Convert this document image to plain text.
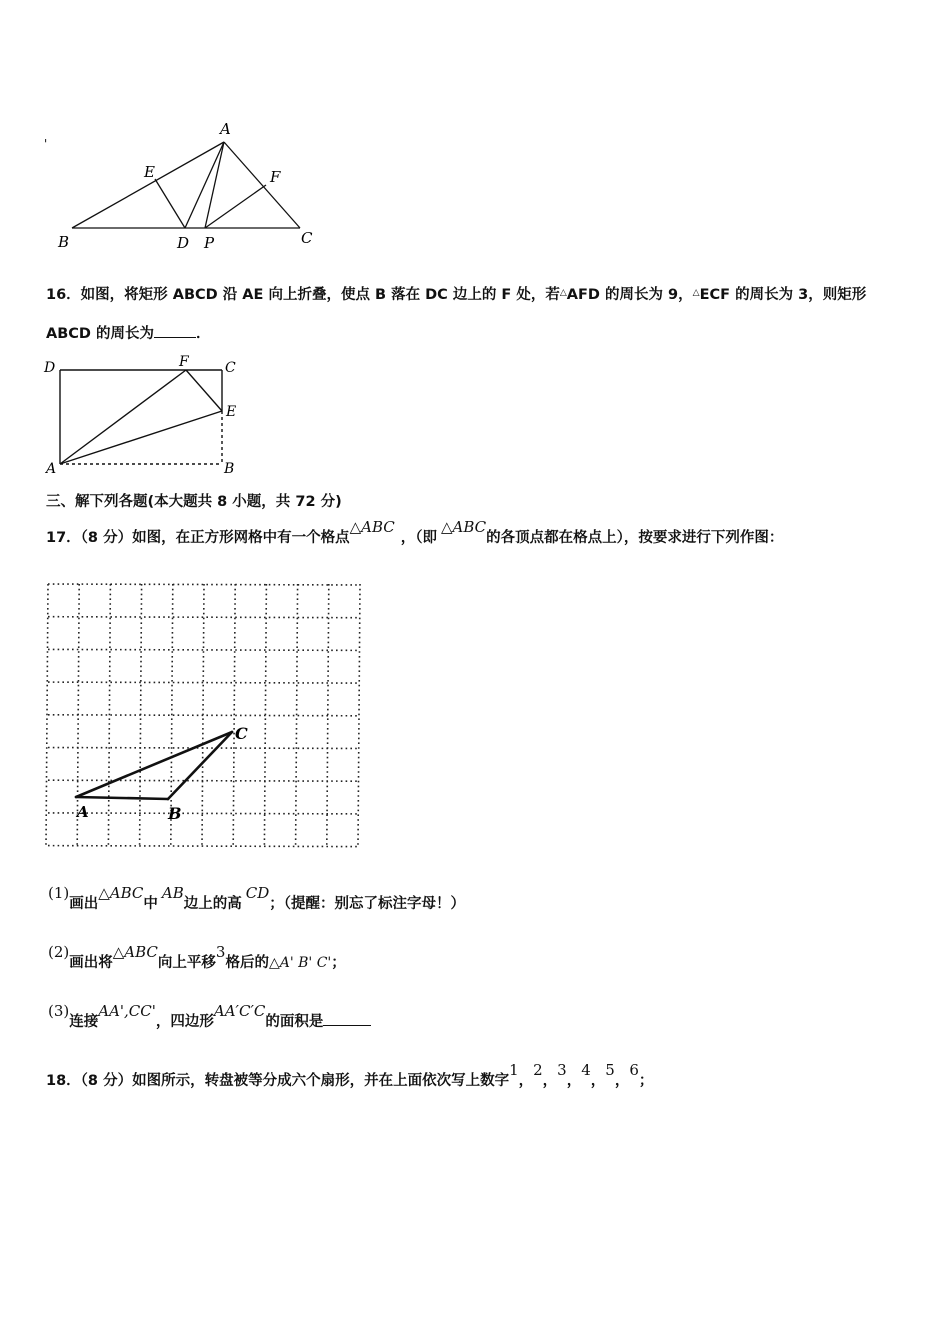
'
A
B	C
D
E	F
P
16．如图，将矩形 ABCD 沿 AE 向上折叠，使点 B 落在 DC 边上的 F 处，若△AFD 的周长为 9，△ECF 的周长为 3，则矩形
ABCD 的周长为	．
D	F	C
E
A	B
三、解下列各题(本大题共 8 小题，共 72 分)
17．（8 分）如图，在正方形网格中有一个格点△ABC，（即△ABC的各顶点都在格点上），按要求进行下列作图：
A	B
C
(1)画出△ABC中AB边上的高CD；（提醒：别忘了标注字母！）
(2)画出将△ABC向上平移3格后的△A' B' C'；
(3)连接AA',CC'，四边形AA′C′C的面积是
18．（8 分）如图所示，转盘被等分成六个扇形，并在上面依次写上数字1，2，3，4，5，6；
